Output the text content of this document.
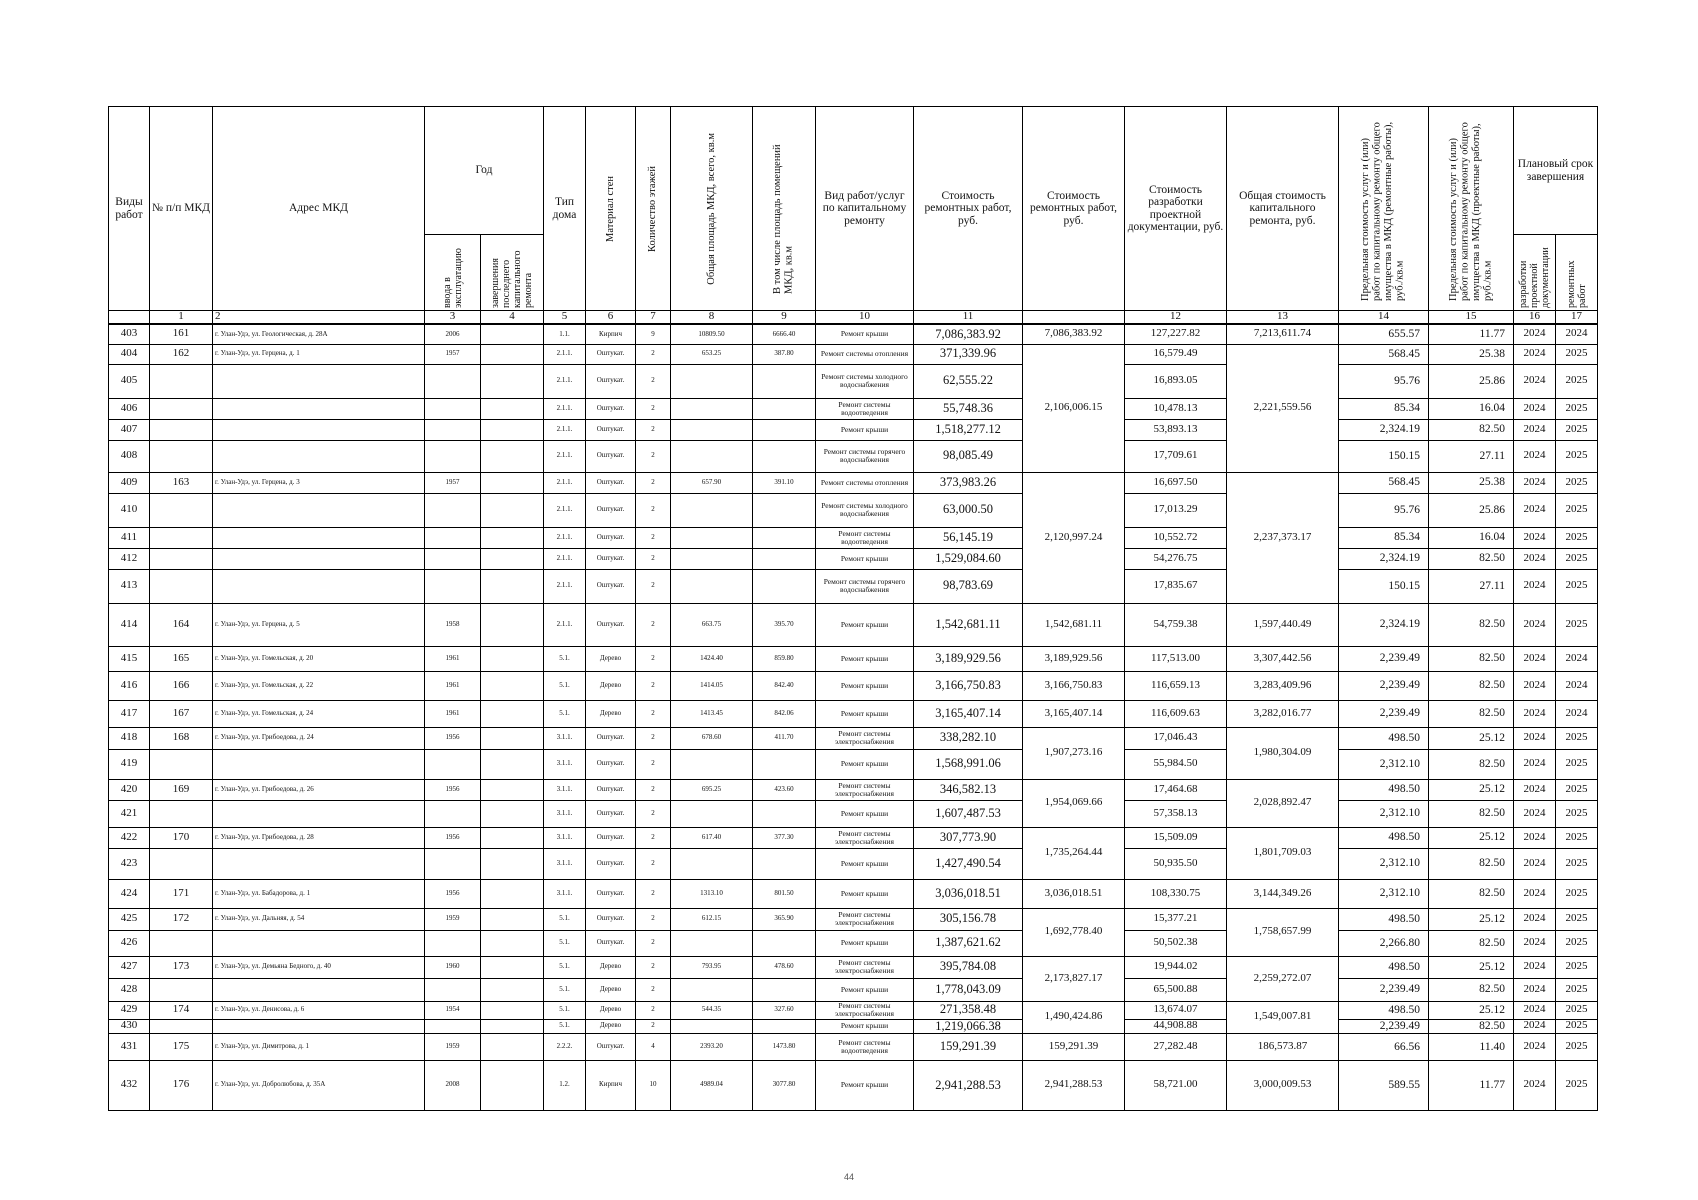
Виды работ	№ п/п МКД	Адрес МКД	Год		Тип дома	Материал стен	Количество этажей	Общая площадь МКД, всего, кв.м	В том числе площадь помещений МКД, кв.м	Вид работ/услуг по капитальному ремонту	Стоимость ремонтных работ, руб.	Стоимость ремонтных работ, руб.	Стоимость разработки проектной документации, руб.	Общая стоимость капитального ремонта, руб.	Предельная стоимость услуг и (или) работ по капитальному ремонту общего имущества в МКД (ремонтные работы), руб./кв.м	Предельная стоимость услуг и (или) работ по капитальному ремонту общего имущества в МКД (проектные работы), руб./кв.м	Плановый срок завершения	

			ввода в эксплуатацию	завершения последнего капитального ремонта													разработки проектной документации	ремонтных работ

	1	2	3	4	5	6	7	8	9	10	11		12	13	14	15	16	17
403	161	г. Улан-Удэ, ул. Геологическая, д. 28А	2006		1.1.	Кирпич	9	10809.50	6666.40	Ремонт крыши	7,086,383.92	7,086,383.92	127,227.82	7,213,611.74	655.57	11.77	2024	2024
404	162	г. Улан-Удэ, ул. Герцена, д. 1	1957		2.1.1.	Оштукат.	2	653.25	387.80	Ремонт системы отопления	371,339.96	2,106,006.15	16,579.49	2,221,559.56	568.45	25.38	2024	2025
405					2.1.1.	Оштукат.	2			Ремонт системы холодного водоснабжения	62,555.22		16,893.05		95.76	25.86	2024	2025
406					2.1.1.	Оштукат.	2			Ремонт системы водоотведения	55,748.36		10,478.13		85.34	16.04	2024	2025
407					2.1.1.	Оштукат.	2			Ремонт крыши	1,518,277.12		53,893.13		2,324.19	82.50	2024	2025
408					2.1.1.	Оштукат.	2			Ремонт системы горячего водоснабжения	98,085.49		17,709.61		150.15	27.11	2024	2025
409	163	г. Улан-Удэ, ул. Герцена, д. 3	1957		2.1.1.	Оштукат.	2	657.90	391.10	Ремонт системы отопления	373,983.26	2,120,997.24	16,697.50	2,237,373.17	568.45	25.38	2024	2025
410					2.1.1.	Оштукат.	2			Ремонт системы холодного водоснабжения	63,000.50		17,013.29		95.76	25.86	2024	2025
411					2.1.1.	Оштукат.	2			Ремонт системы водоотведения	56,145.19		10,552.72		85.34	16.04	2024	2025
412					2.1.1.	Оштукат.	2			Ремонт крыши	1,529,084.60		54,276.75		2,324.19	82.50	2024	2025
413					2.1.1.	Оштукат.	2			Ремонт системы горячего водоснабжения	98,783.69		17,835.67		150.15	27.11	2024	2025
414	164	г. Улан-Удэ, ул. Герцена, д. 5	1958		2.1.1.	Оштукат.	2	663.75	395.70	Ремонт крыши	1,542,681.11	1,542,681.11	54,759.38	1,597,440.49	2,324.19	82.50	2024	2025
415	165	г. Улан-Удэ, ул. Гомельская, д. 20	1961		5.1.	Дерево	2	1424.40	859.80	Ремонт крыши	3,189,929.56	3,189,929.56	117,513.00	3,307,442.56	2,239.49	82.50	2024	2024
416	166	г. Улан-Удэ, ул. Гомельская, д. 22	1961		5.1.	Дерево	2	1414.05	842.40	Ремонт крыши	3,166,750.83	3,166,750.83	116,659.13	3,283,409.96	2,239.49	82.50	2024	2024
417	167	г. Улан-Удэ, ул. Гомельская, д. 24	1961		5.1.	Дерево	2	1413.45	842.06	Ремонт крыши	3,165,407.14	3,165,407.14	116,609.63	3,282,016.77	2,239.49	82.50	2024	2024
418	168	г. Улан-Удэ, ул. Грибоедова, д. 24	1956		3.1.1.	Оштукат.	2	678.60	411.70	Ремонт системы электроснабжения	338,282.10	1,907,273.16	17,046.43	1,980,304.09	498.50	25.12	2024	2025
419					3.1.1.	Оштукат.	2			Ремонт крыши	1,568,991.06		55,984.50		2,312.10	82.50	2024	2025
420	169	г. Улан-Удэ, ул. Грибоедова, д. 26	1956		3.1.1.	Оштукат.	2	695.25	423.60	Ремонт системы электроснабжения	346,582.13	1,954,069.66	17,464.68	2,028,892.47	498.50	25.12	2024	2025
421					3.1.1.	Оштукат.	2			Ремонт крыши	1,607,487.53		57,358.13		2,312.10	82.50	2024	2025
422	170	г. Улан-Удэ, ул. Грибоедова, д. 28	1956		3.1.1.	Оштукат.	2	617.40	377.30	Ремонт системы электроснабжения	307,773.90	1,735,264.44	15,509.09	1,801,709.03	498.50	25.12	2024	2025
423					3.1.1.	Оштукат.	2			Ремонт крыши	1,427,490.54		50,935.50		2,312.10	82.50	2024	2025
424	171	г. Улан-Удэ, ул. Бабадорова, д. 1	1956		3.1.1.	Оштукат.	2	1313.10	801.50	Ремонт крыши	3,036,018.51	3,036,018.51	108,330.75	3,144,349.26	2,312.10	82.50	2024	2025
425	172	г. Улан-Удэ, ул. Дальняя, д. 54	1959		5.1.	Оштукат.	2	612.15	365.90	Ремонт системы электроснабжения	305,156.78	1,692,778.40	15,377.21	1,758,657.99	498.50	25.12	2024	2025
426					5.1.	Оштукат.	2			Ремонт крыши	1,387,621.62		50,502.38		2,266.80	82.50	2024	2025
427	173	г. Улан-Удэ, ул. Демьяна Бедного, д. 40	1960		5.1.	Дерево	2	793.95	478.60	Ремонт системы электроснабжения	395,784.08	2,173,827.17	19,944.02	2,259,272.07	498.50	25.12	2024	2025
428					5.1.	Дерево	2			Ремонт крыши	1,778,043.09		65,500.88		2,239.49	82.50	2024	2025
429	174	г. Улан-Удэ, ул. Денисова, д. 6	1954		5.1.	Дерево	2	544.35	327.60	Ремонт системы электроснабжения	271,358.48	1,490,424.86	13,674.07	1,549,007.81	498.50	25.12	2024	2025
430					5.1.	Дерево	2			Ремонт крыши	1,219,066.38		44,908.88		2,239.49	82.50	2024	2025
431	175	г. Улан-Удэ, ул. Димитрова, д. 1	1959		2.2.2.	Оштукат.	4	2393.20	1473.80	Ремонт системы водоотведения	159,291.39	159,291.39	27,282.48	186,573.87	66.56	11.40	2024	2025
432	176	г. Улан-Удэ, ул. Добролюбова, д. 35А	2008		1.2.	Кирпич	10	4989.04	3077.80	Ремонт крыши	2,941,288.53	2,941,288.53	58,721.00	3,000,009.53	589.55	11.77	2024	2025
44
